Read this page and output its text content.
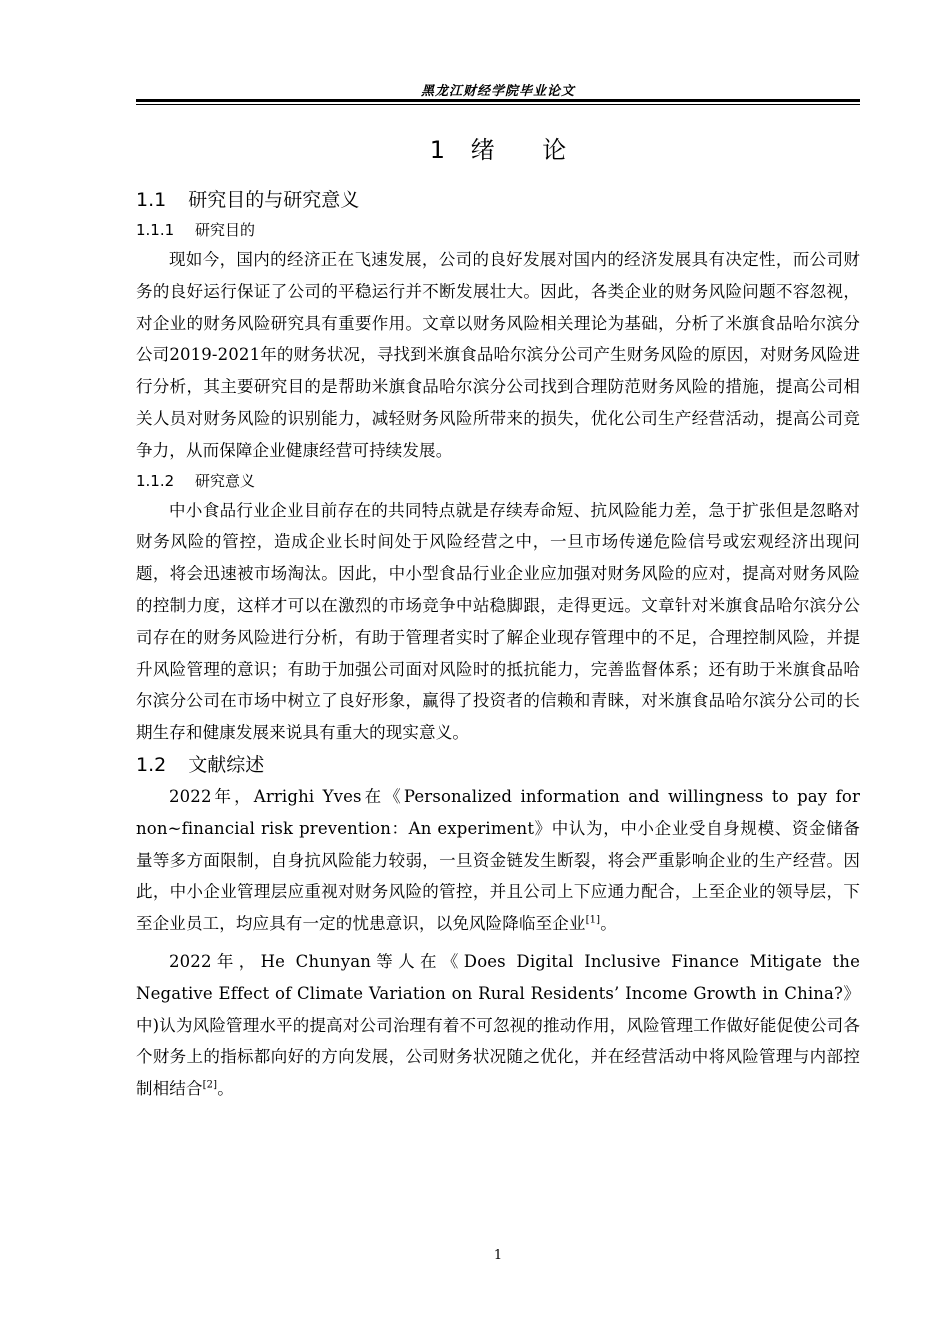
黑龙江财经学院毕业论文
1 绪 论
1.1 研究目的与研究意义
1.1.1 研究目的

现如今，国内的经济正在飞速发展，公司的良好发展对国内的经济发展具有决定性，而公司财务的良好运行保证了公司的平稳运行并不断发展壮大。因此，各类企业的财务风险问题不容忽视，对企业的财务风险研究具有重要作用。文章以财务风险相关理论为基础，分析了米旗食品哈尔滨分公司2019-2021年的财务状况，寻找到米旗食品哈尔滨分公司产生财务风险的原因，对财务风险进行分析，其主要研究目的是帮助米旗食品哈尔滨分公司找到合理防范财务风险的措施，提高公司相关人员对财务风险的识别能力，减轻财务风险所带来的损失，优化公司生产经营活动，提高公司竞争力，从而保障企业健康经营可持续发展。

1.1.2 研究意义

中小食品行业企业目前存在的共同特点就是存续寿命短、抗风险能力差，急于扩张但是忽略对财务风险的管控，造成企业长时间处于风险经营之中，一旦市场传递危险信号或宏观经济出现问题，将会迅速被市场淘汰。因此，中小型食品行业企业应加强对财务风险的应对，提高对财务风险的控制力度，这样才可以在激烈的市场竞争中站稳脚跟，走得更远。文章针对米旗食品哈尔滨分公司存在的财务风险进行分析，有助于管理者实时了解企业现存管理中的不足，合理控制风险，并提升风险管理的意识；有助于加强公司面对风险时的抵抗能力，完善监督体系；还有助于米旗食品哈尔滨分公司在市场中树立了良好形象，赢得了投资者的信赖和青睐，对米旗食品哈尔滨分公司的长期生存和健康发展来说具有重大的现实意义。

1.2 文献综述

2022年，Arrighi Yves在《Personalized information and willingness to pay for non~financial risk prevention：An experiment》中认为，中小企业受自身规模、资金储备量等多方面限制，自身抗风险能力较弱，一旦资金链发生断裂，将会严重影响企业的生产经营。因此，中小企业管理层应重视对财务风险的管控，并且公司上下应通力配合，上至企业的领导层，下至企业员工，均应具有一定的忧患意识，以免风险降临至企业[1]。

2022年，He Chunyan等人在《Does Digital Inclusive Finance Mitigate the Negative Effect of Climate Variation on Rural Residents’ Income Growth in China?》中)认为风险管理水平的提高对公司治理有着不可忽视的推动作用，风险管理工作做好能促使公司各个财务上的指标都向好的方向发展，公司财务状况随之优化，并在经营活动中将风险管理与内部控制相结合[2]。

1
